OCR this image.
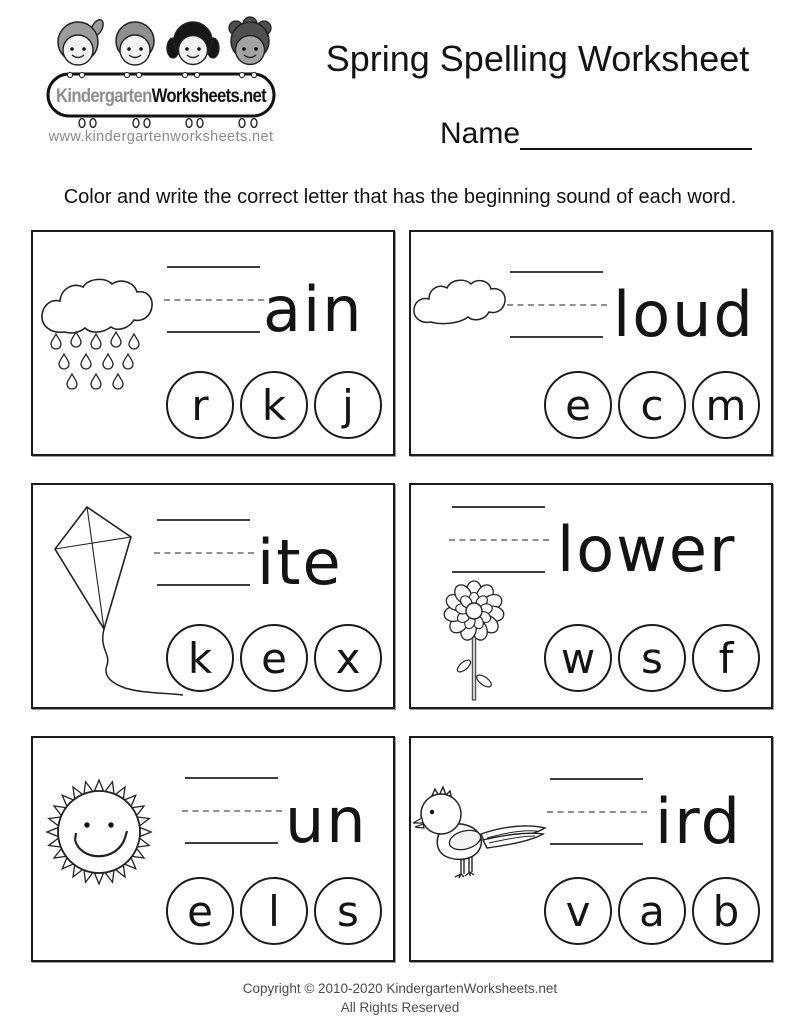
Kindergarten Worksheets.net
www.kindergartenworksheets.net
Spring Spelling Worksheet
Name
Color and write the correct letter that has the beginning sound of each word.
ain
r	k	j
loud
e	c m
ite
k	e	x
lower
w	s	f
un
e	l	s
ird
v	a	b
Copyright © 2010-2020 KindergartenWorksheets.net
All Rights Reserved
